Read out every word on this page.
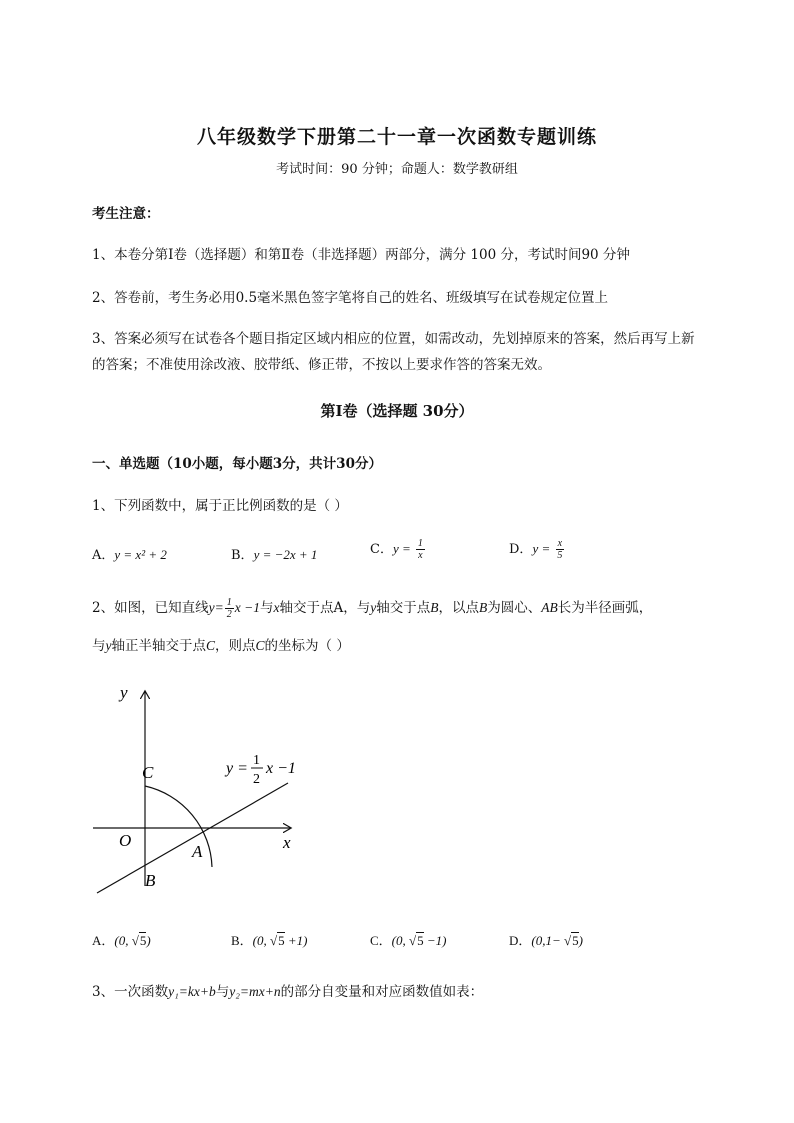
八年级数学下册第二十一章一次函数专题训练
考试时间：90 分钟；命题人：数学教研组
考生注意：
1、本卷分第Ⅰ卷（选择题）和第Ⅱ卷（非选择题）两部分，满分 100 分，考试时间90 分钟
2、答卷前，考生务必用0.5毫米黑色签字笔将自己的姓名、班级填写在试卷规定位置上
3、答案必须写在试卷各个题目指定区域内相应的位置，如需改动，先划掉原来的答案，然后再写上新
的答案；不准使用涂改液、胶带纸、修正带，不按以上要求作答的答案无效。
第Ⅰ卷（选择题 30分）
一、单选题（10小题，每小题3分，共计30分）
1、下列函数中，属于正比例函数的是（ ）
A．y = x² + 2	B．y = −2x + 1	C．$y = \frac{1}{x}$	D．$y = \frac{x}{5}$
2、如图，已知直线$y= \frac{1}{2}$ x −1与x轴交于点A，与y轴交于点B，以点B为圆心、AB长为半径画弧，
与y轴正半轴交于点C，则点C的坐标为（ ）
y
x
O
A
B
C	y = 1
2
x −1
A．(0, √5)	B．(0, √5 +1)	C．(0, √5 −1)	D．(0,1− √5)
3、一次函数y₁=kx+b与y₂=mx+n的部分自变量和对应函数值如表：
